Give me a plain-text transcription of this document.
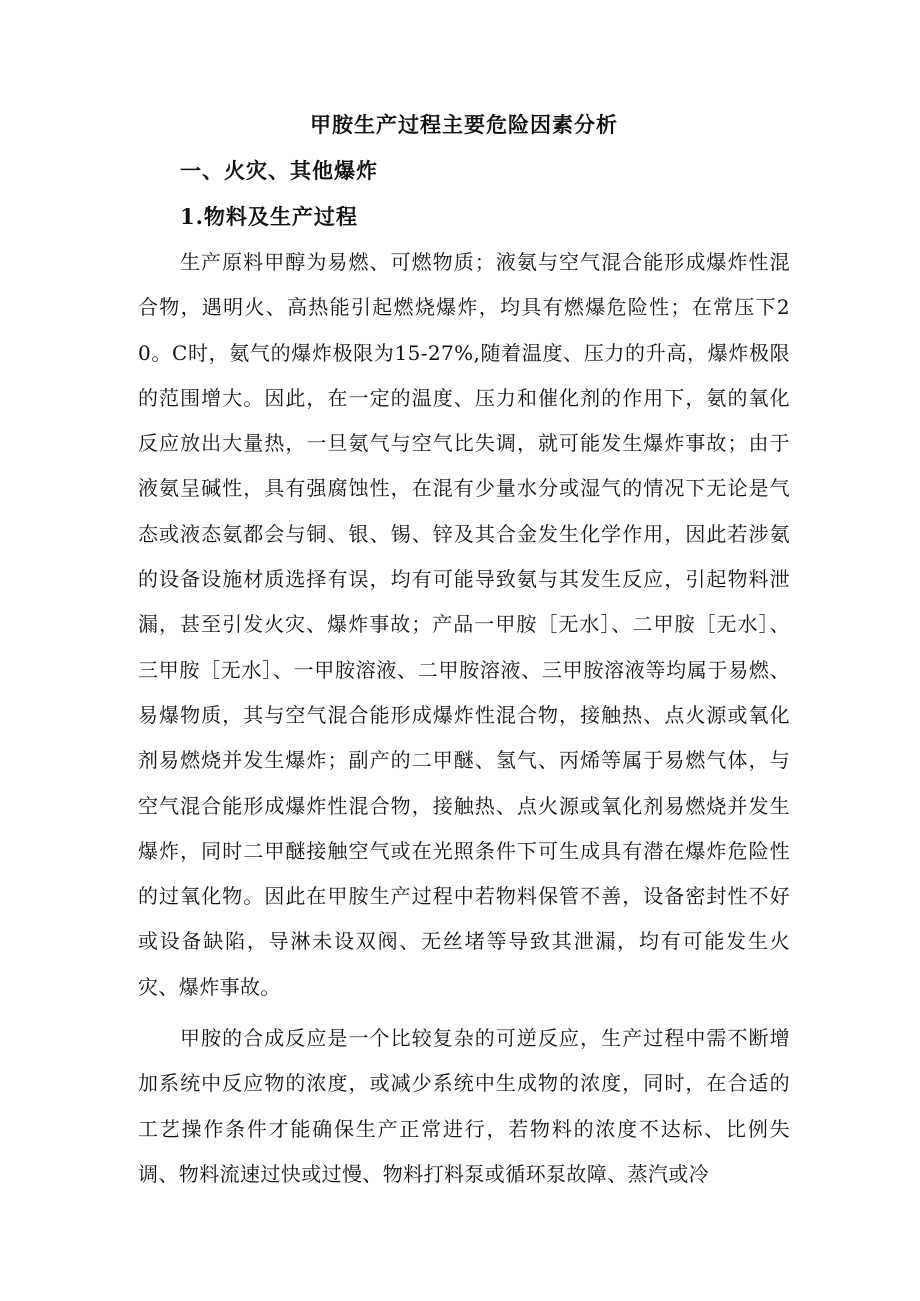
甲胺生产过程主要危险因素分析
一、火灾、其他爆炸
1.物料及生产过程

生产原料甲醇为易燃、可燃物质；液氨与空气混合能形成爆炸性混合物，遇明火、高热能引起燃烧爆炸，均具有燃爆危险性；在常压下20。C时，氨气的爆炸极限为15-27%,随着温度、压力的升高，爆炸极限的范围增大。因此，在一定的温度、压力和催化剂的作用下，氨的氧化反应放出大量热，一旦氨气与空气比失调，就可能发生爆炸事故；由于液氨呈碱性，具有强腐蚀性，在混有少量水分或湿气的情况下无论是气态或液态氨都会与铜、银、锡、锌及其合金发生化学作用，因此若涉氨的设备设施材质选择有误，均有可能导致氨与其发生反应，引起物料泄漏，甚至引发火灾、爆炸事故；产品一甲胺［无水］、二甲胺［无水］、三甲胺［无水］、一甲胺溶液、二甲胺溶液、三甲胺溶液等均属于易燃、易爆物质，其与空气混合能形成爆炸性混合物，接触热、点火源或氧化剂易燃烧并发生爆炸；副产的二甲醚、氢气、丙烯等属于易燃气体，与空气混合能形成爆炸性混合物，接触热、点火源或氧化剂易燃烧并发生爆炸，同时二甲醚接触空气或在光照条件下可生成具有潜在爆炸危险性的过氧化物。因此在甲胺生产过程中若物料保管不善，设备密封性不好或设备缺陷，导淋未设双阀、无丝堵等导致其泄漏，均有可能发生火灾、爆炸事故。

甲胺的合成反应是一个比较复杂的可逆反应，生产过程中需不断增加系统中反应物的浓度，或减少系统中生成物的浓度，同时，在合适的工艺操作条件才能确保生产正常进行，若物料的浓度不达标、比例失调、物料流速过快或过慢、物料打料泵或循环泵故障、蒸汽或冷
